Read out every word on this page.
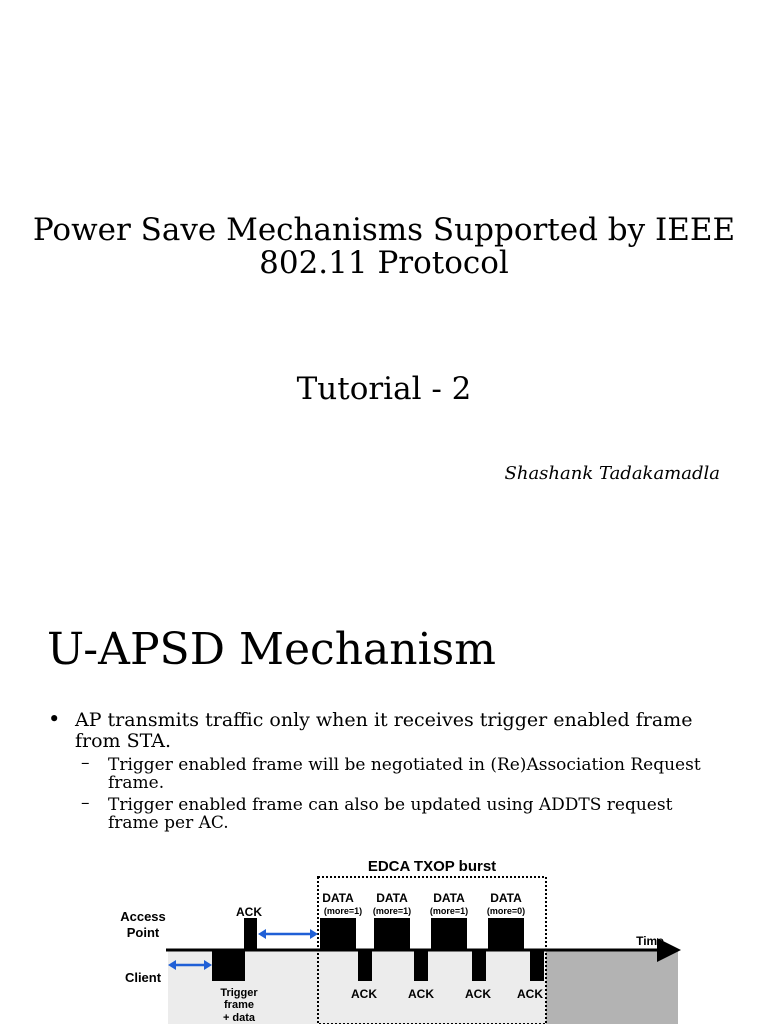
Power Save Mechanisms Supported by IEEE 802.11 Protocol
Tutorial - 2
Shashank Tadakamadla
U-APSD Mechanism
• AP transmits traffic only when it receives trigger enabled frame from STA.
– Trigger enabled frame will be negotiated in (Re)Association Request frame.
– Trigger enabled frame can also be updated using ADDTS request frame per AC.
EDCA TXOP burst
Time
Access
Point
Client
ACK
Trigger
frame
+ data
DATA DATA DATA DATA
(more=1) (more=1) (more=1) (more=0)
ACK	ACK	ACK ACK
